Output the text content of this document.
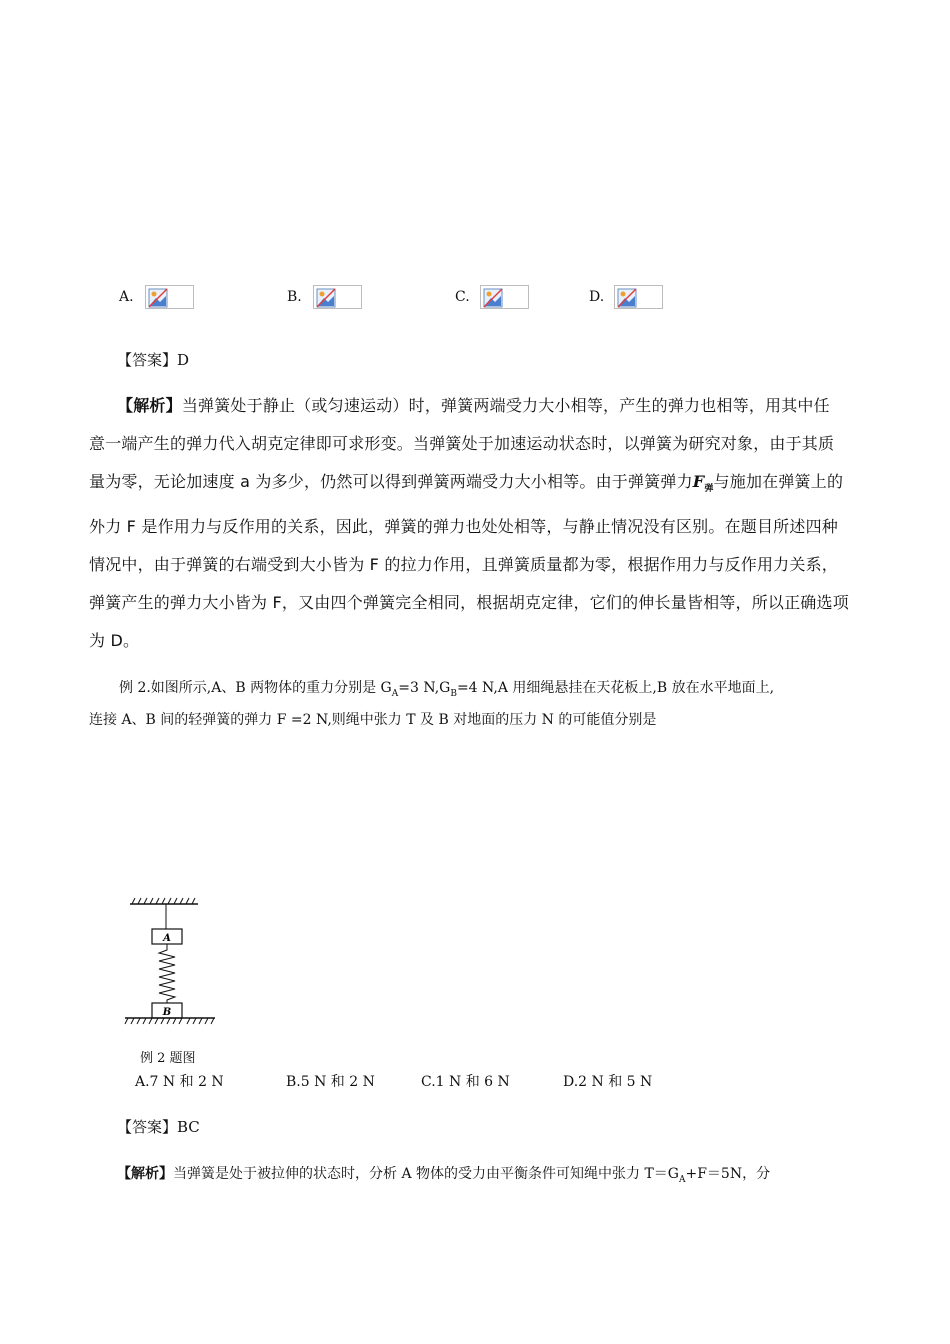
A.	B.	C.	D.
【答案】D
【解析】当弹簧处于静止（或匀速运动）时，弹簧两端受力大小相等，产生的弹力也相等，用其中任
意一端产生的弹力代入胡克定律即可求形变。当弹簧处于加速运动状态时，以弹簧为研究对象，由于其质
量为零，无论加速度 a 为多少，仍然可以得到弹簧两端受力大小相等。由于弹簧弹力$F_弹$与施加在弹簧上的
外力 F 是作用力与反作用的关系，因此，弹簧的弹力也处处相等，与静止情况没有区别。在题目所述四种
情况中，由于弹簧的右端受到大小皆为 F 的拉力作用，且弹簧质量都为零，根据作用力与反作用力关系，
弹簧产生的弹力大小皆为 F，又由四个弹簧完全相同，根据胡克定律，它们的伸长量皆相等，所以正确选项
为 D。
例 2.如图所示,A、B 两物体的重力分别是 $G_A=3$ $N,G_B=4$ N,A 用细绳悬挂在天花板上,B 放在水平地面上,
连接 A、B 间的轻弹簧的弹力 F =2 N,则绳中张力 T 及 B 对地面的压力 N 的可能值分别是
A
B
例 2 题图
A.7 N 和 2 N	B.5 N 和 2 N	C.1 N 和 6 N	D.2 N 和 5 N
【答案】BC
【解析】当弹簧是处于被拉伸的状态时，分析 A 物体的受力由平衡条件可知绳中张力 $T=G_A+F=5N$，分
